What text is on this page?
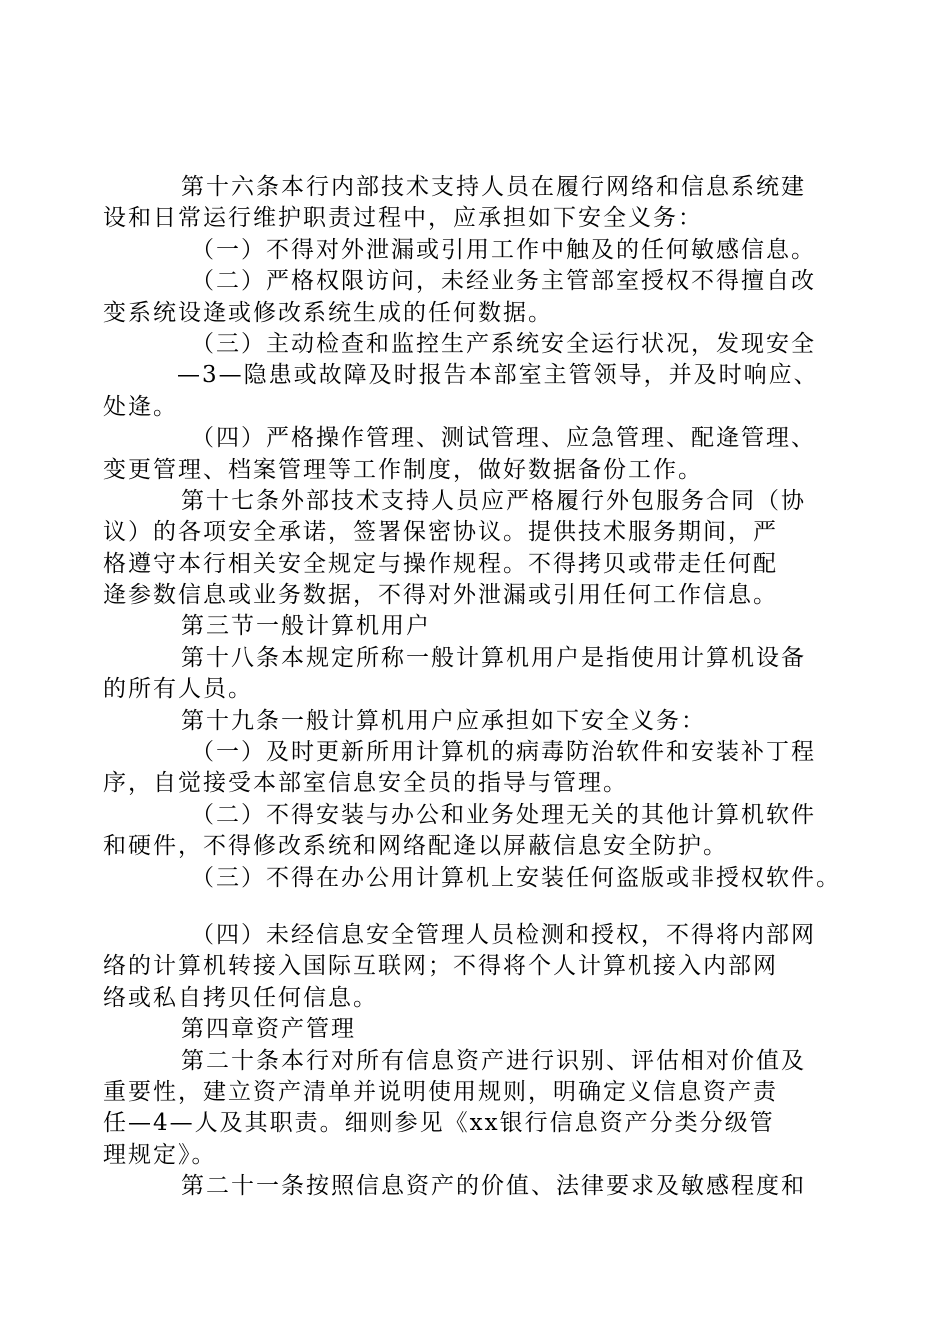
第十六条本行内部技术支持人员在履行网络和信息系统建
设和日常运行维护职责过程中，应承担如下安全义务：
（一）不得对外泄漏或引用工作中触及的任何敏感信息。
（二）严格权限访问，未经业务主管部室授权不得擅自改
变系统设逄或修改系统生成的任何数据。
（三）主动检查和监控生产系统安全运行状况，发现安全
—3—隐患或故障及时报告本部室主管领导，并及时响应、
处逄。
（四）严格操作管理、测试管理、应急管理、配逄管理、
变更管理、档案管理等工作制度，做好数据备份工作。
第十七条外部技术支持人员应严格履行外包服务合同（协
议）的各项安全承诺，签署保密协议。提供技术服务期间，严
格遵守本行相关安全规定与操作规程。不得拷贝或带走任何配
逄参数信息或业务数据，不得对外泄漏或引用任何工作信息。
第三节一般计算机用户
第十八条本规定所称一般计算机用户是指使用计算机设备
的所有人员。
第十九条一般计算机用户应承担如下安全义务：
（一）及时更新所用计算机的病毒防治软件和安装补丁程
序，自觉接受本部室信息安全员的指导与管理。
（二）不得安装与办公和业务处理无关的其他计算机软件
和硬件，不得修改系统和网络配逄以屏蔽信息安全防护。
（三）不得在办公用计算机上安装任何盗版或非授权软件。
（四）未经信息安全管理人员检测和授权，不得将内部网
络的计算机转接入国际互联网；不得将个人计算机接入内部网
络或私自拷贝任何信息。
第四章资产管理
第二十条本行对所有信息资产进行识别、评估相对价值及
重要性，建立资产清单并说明使用规则，明确定义信息资产责
任—4—人及其职责。细则参见《xx银行信息资产分类分级管
理规定》。
第二十一条按照信息资产的价值、法律要求及敏感程度和
